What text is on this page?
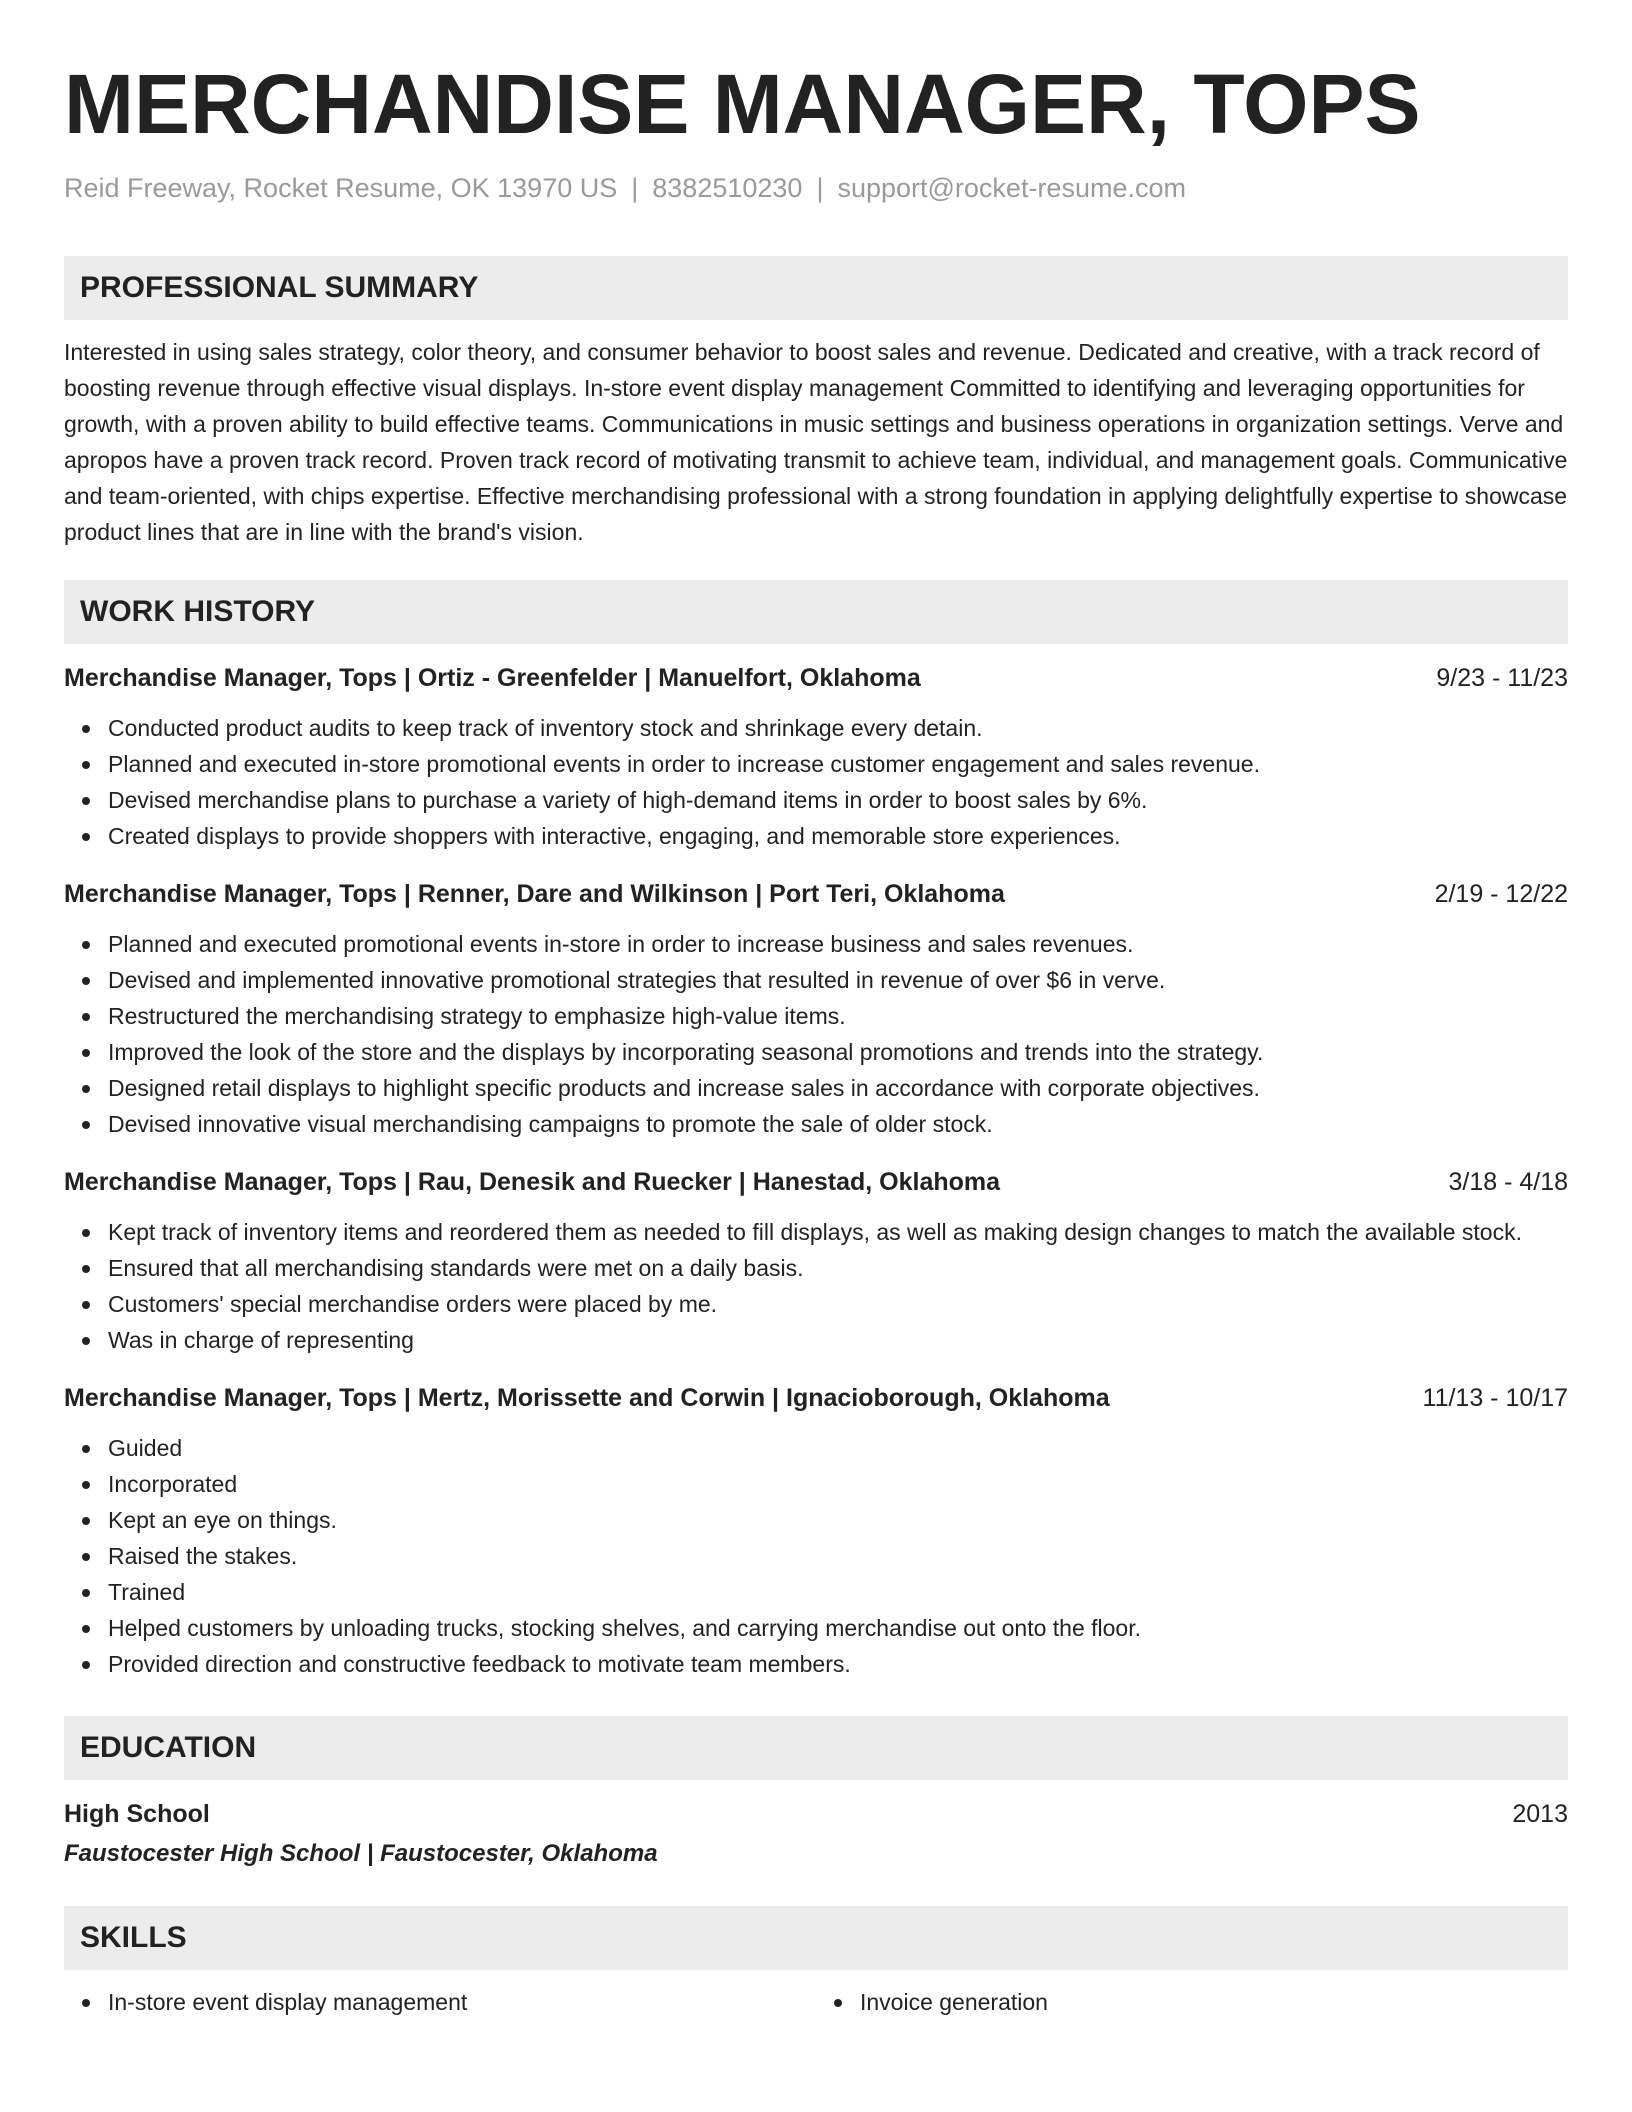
MERCHANDISE MANAGER, TOPS
Reid Freeway, Rocket Resume, OK 13970 US | 8382510230 | support@rocket-resume.com
PROFESSIONAL SUMMARY

Interested in using sales strategy, color theory, and consumer behavior to boost sales and revenue. Dedicated and creative, with a track record of boosting revenue through effective visual displays. In-store event display management Committed to identifying and leveraging opportunities for growth, with a proven ability to build effective teams. Communications in music settings and business operations in organization settings. Verve and apropos have a proven track record. Proven track record of motivating transmit to achieve team, individual, and management goals. Communicative and team-oriented, with chips expertise. Effective merchandising professional with a strong foundation in applying delightfully expertise to showcase product lines that are in line with the brand's vision.

WORK HISTORY
Merchandise Manager, Tops | Ortiz - Greenfelder | Manuelfort, Oklahoma	9/23 - 11/23
Conducted product audits to keep track of inventory stock and shrinkage every detain.
Planned and executed in-store promotional events in order to increase customer engagement and sales revenue.
Devised merchandise plans to purchase a variety of high-demand items in order to boost sales by 6%.
Created displays to provide shoppers with interactive, engaging, and memorable store experiences.
Merchandise Manager, Tops | Renner, Dare and Wilkinson | Port Teri, Oklahoma	2/19 - 12/22
Planned and executed promotional events in-store in order to increase business and sales revenues.
Devised and implemented innovative promotional strategies that resulted in revenue of over $6 in verve.
Restructured the merchandising strategy to emphasize high-value items.
Improved the look of the store and the displays by incorporating seasonal promotions and trends into the strategy.
Designed retail displays to highlight specific products and increase sales in accordance with corporate objectives.
Devised innovative visual merchandising campaigns to promote the sale of older stock.
Merchandise Manager, Tops | Rau, Denesik and Ruecker | Hanestad, Oklahoma	3/18 - 4/18
Kept track of inventory items and reordered them as needed to fill displays, as well as making design changes to match the available stock.
Ensured that all merchandising standards were met on a daily basis.
Customers' special merchandise orders were placed by me.
Was in charge of representing
Merchandise Manager, Tops | Mertz, Morissette and Corwin | Ignacioborough, Oklahoma	11/13 - 10/17
Guided
Incorporated
Kept an eye on things.
Raised the stakes.
Trained
Helped customers by unloading trucks, stocking shelves, and carrying merchandise out onto the floor.
Provided direction and constructive feedback to motivate team members.
EDUCATION
High School	2013
Faustocester High School | Faustocester, Oklahoma
SKILLS
In-store event display management	Invoice generation
